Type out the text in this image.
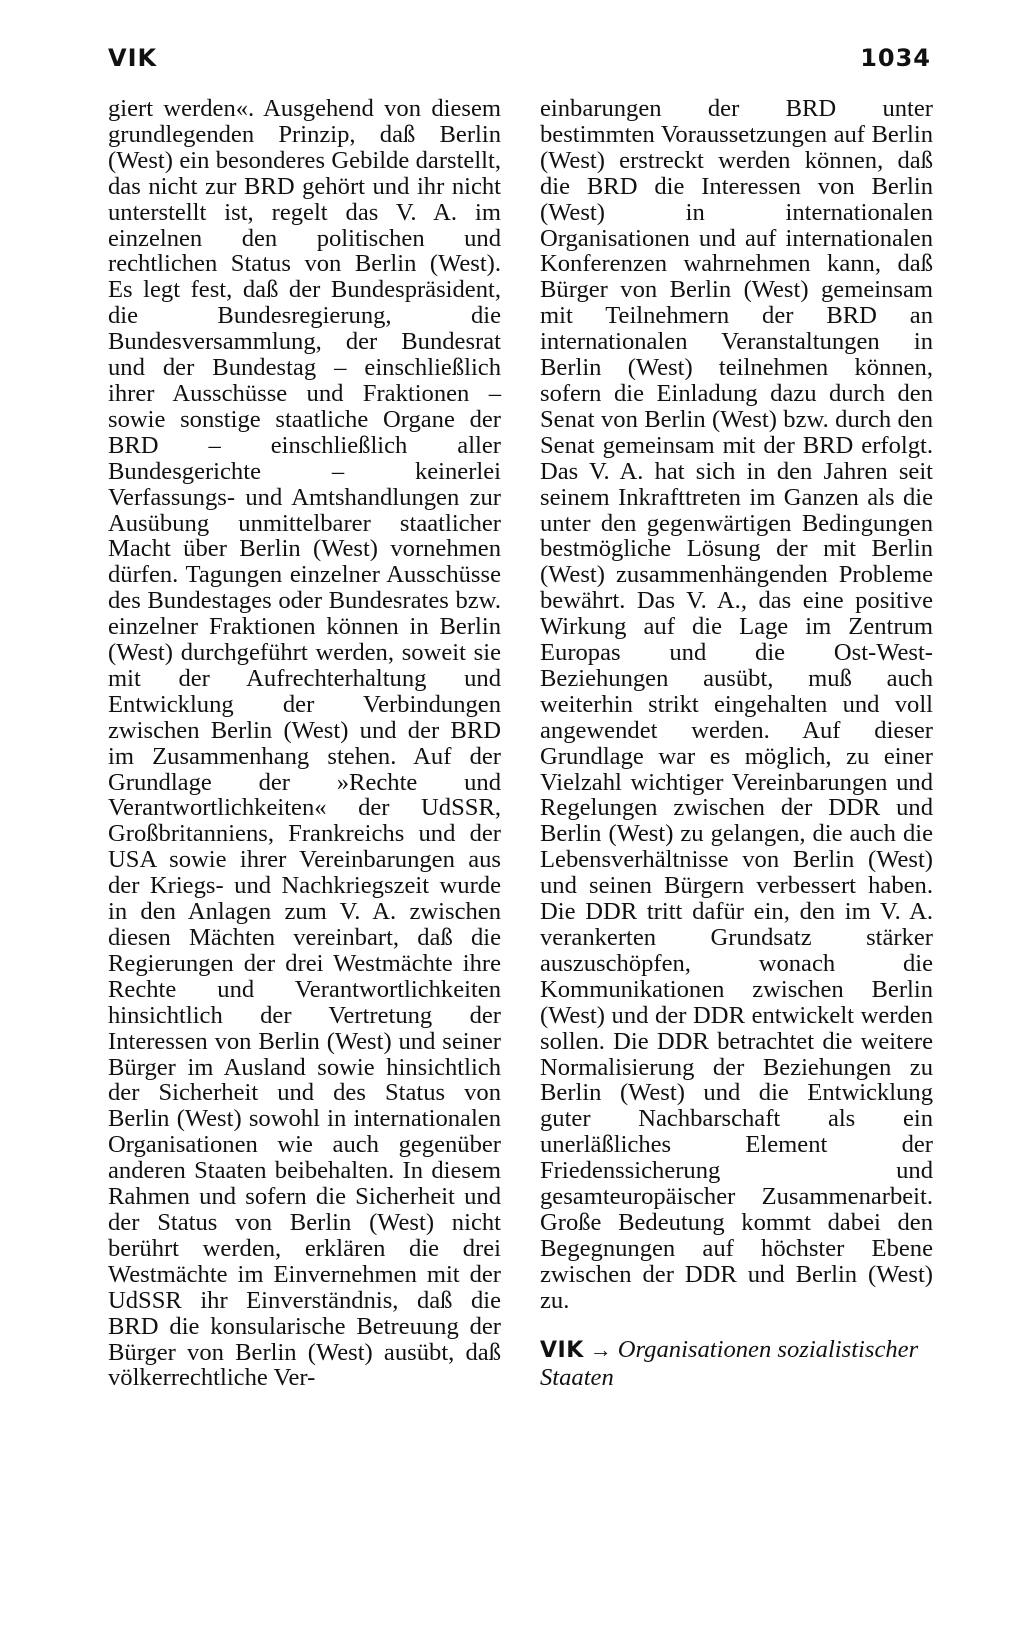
VIK	1034

giert werden«. Ausgehend von diesem grundlegenden Prinzip, daß Berlin (West) ein besonderes Gebilde darstellt, das nicht zur BRD gehört und ihr nicht unterstellt ist, regelt das V. A. im einzelnen den politischen und rechtlichen Status von Berlin (West). Es legt fest, daß der Bundespräsident, die Bundesregierung, die Bundesversammlung, der Bundesrat und der Bundestag – einschließlich ihrer Ausschüsse und Fraktionen – sowie sonstige staatliche Organe der BRD – einschließlich aller Bundesgerichte – keinerlei Verfassungs- und Amtshandlungen zur Ausübung unmittelbarer staatlicher Macht über Berlin (West) vornehmen dürfen. Tagungen einzelner Ausschüsse des Bundestages oder Bundesrates bzw. einzelner Fraktionen können in Berlin (West) durchgeführt werden, soweit sie mit der Aufrechterhaltung und Entwicklung der Verbindungen zwischen Berlin (West) und der BRD im Zusammenhang stehen. Auf der Grundlage der »Rechte und Verantwortlichkeiten« der UdSSR, Großbritanniens, Frankreichs und der USA sowie ihrer Vereinbarungen aus der Kriegs- und Nachkriegszeit wurde in den Anlagen zum V. A. zwischen diesen Mächten vereinbart, daß die Regierungen der drei Westmächte ihre Rechte und Verantwortlichkeiten hinsichtlich der Vertretung der Interessen von Berlin (West) und seiner Bürger im Ausland sowie hinsichtlich der Sicherheit und des Status von Berlin (West) sowohl in internationalen Organisationen wie auch gegenüber anderen Staaten beibehalten. In diesem Rahmen und sofern die Sicherheit und der Status von Berlin (West) nicht berührt werden, erklären die drei Westmächte im Einvernehmen mit der UdSSR ihr Einverständnis, daß die BRD die konsularische Betreuung der Bürger von Berlin (West) ausübt, daß völkerrechtliche Ver-

einbarungen der BRD unter bestimmten Voraussetzungen auf Berlin (West) erstreckt werden können, daß die BRD die Interessen von Berlin (West) in internationalen Organisationen und auf internationalen Konferenzen wahrnehmen kann, daß Bürger von Berlin (West) gemeinsam mit Teilnehmern der BRD an internationalen Veranstaltungen in Berlin (West) teilnehmen können, sofern die Einladung dazu durch den Senat von Berlin (West) bzw. durch den Senat gemeinsam mit der BRD erfolgt. Das V. A. hat sich in den Jahren seit seinem Inkrafttreten im Ganzen als die unter den gegenwärtigen Bedingungen bestmögliche Lösung der mit Berlin (West) zusammenhängenden Probleme bewährt. Das V. A., das eine positive Wirkung auf die Lage im Zentrum Europas und die Ost-West-Beziehungen ausübt, muß auch weiterhin strikt eingehalten und voll angewendet werden. Auf dieser Grundlage war es möglich, zu einer Vielzahl wichtiger Vereinbarungen und Regelungen zwischen der DDR und Berlin (West) zu gelangen, die auch die Lebensverhältnisse von Berlin (West) und seinen Bürgern verbessert haben. Die DDR tritt dafür ein, den im V. A. verankerten Grundsatz stärker auszuschöpfen, wonach die Kommunikationen zwischen Berlin (West) und der DDR entwickelt werden sollen. Die DDR betrachtet die weitere Normalisierung der Beziehungen zu Berlin (West) und die Entwicklung guter Nachbarschaft als ein unerläßliches Element der Friedenssicherung und gesamteuropäischer Zusammenarbeit. Große Bedeutung kommt dabei den Begegnungen auf höchster Ebene zwischen der DDR und Berlin (West) zu.

VIK → Organisationen sozialistischer Staaten
